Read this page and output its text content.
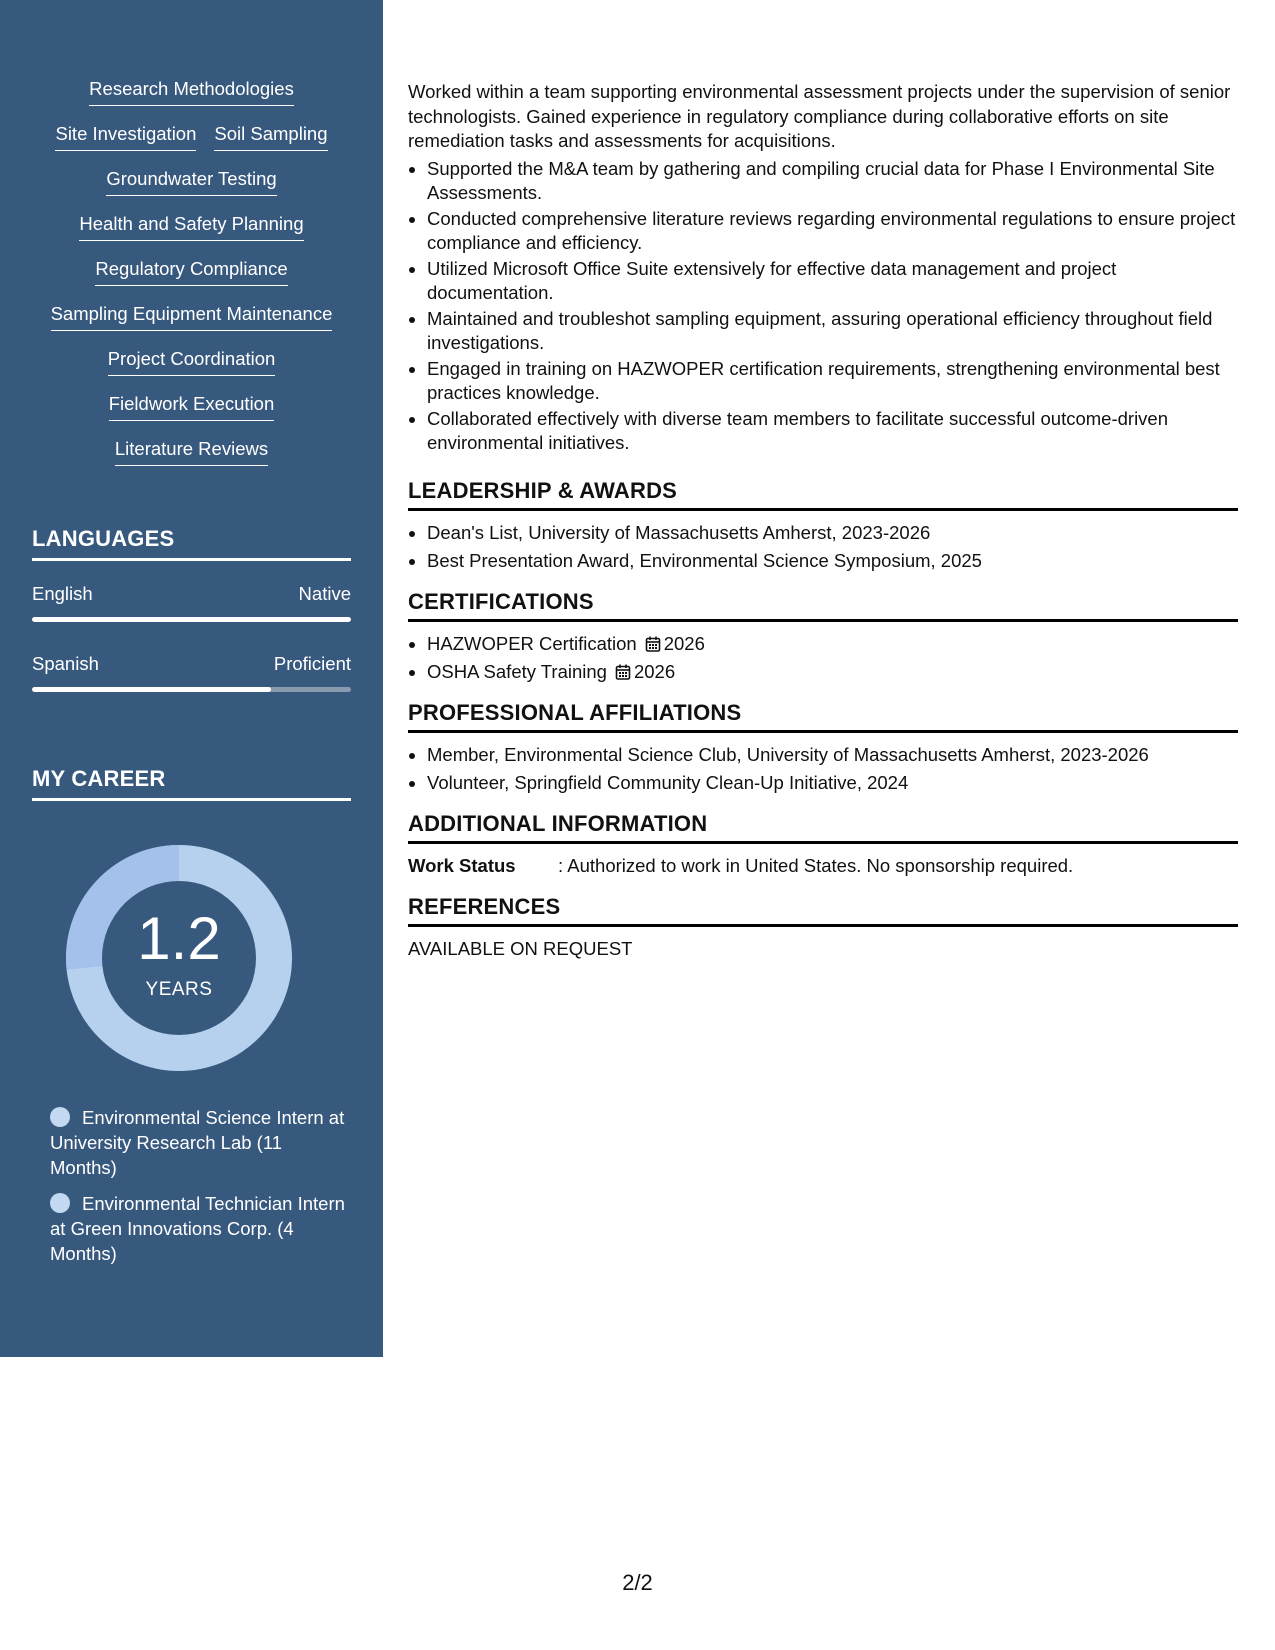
Research Methodologies
Site Investigation Soil Sampling
Groundwater Testing
Health and Safety Planning
Regulatory Compliance
Sampling Equipment Maintenance
Project Coordination
Fieldwork Execution
Literature Reviews
LANGUAGES
English	Native
Spanish	Proficient
MY CAREER
1.2
YEARS
Environmental Science Intern at University Research Lab (11 Months)
Environmental Technician Intern at Green Innovations Corp. (4 Months)

Worked within a team supporting environmental assessment projects under the supervision of senior technologists. Gained experience in regulatory compliance during collaborative efforts on site remediation tasks and assessments for acquisitions.

• Supported the M&A team by gathering and compiling crucial data for Phase I Environmental Site Assessments.
• Conducted comprehensive literature reviews regarding environmental regulations to ensure project compliance and efficiency.
• Utilized Microsoft Office Suite extensively for effective data management and project documentation.
• Maintained and troubleshot sampling equipment, assuring operational efficiency throughout field investigations.
• Engaged in training on HAZWOPER certification requirements, strengthening environmental best practices knowledge.
• Collaborated effectively with diverse team members to facilitate successful outcome-driven environmental initiatives.
LEADERSHIP & AWARDS
• Dean's List, University of Massachusetts Amherst, 2023-2026
• Best Presentation Award, Environmental Science Symposium, 2025
CERTIFICATIONS
• HAZWOPER Certification 2026
• OSHA Safety Training 2026
PROFESSIONAL AFFILIATIONS
• Member, Environmental Science Club, University of Massachusetts Amherst, 2023-2026
• Volunteer, Springfield Community Clean-Up Initiative, 2024
ADDITIONAL INFORMATION
Work Status	: Authorized to work in United States. No sponsorship required.
REFERENCES

AVAILABLE ON REQUEST

2/2
